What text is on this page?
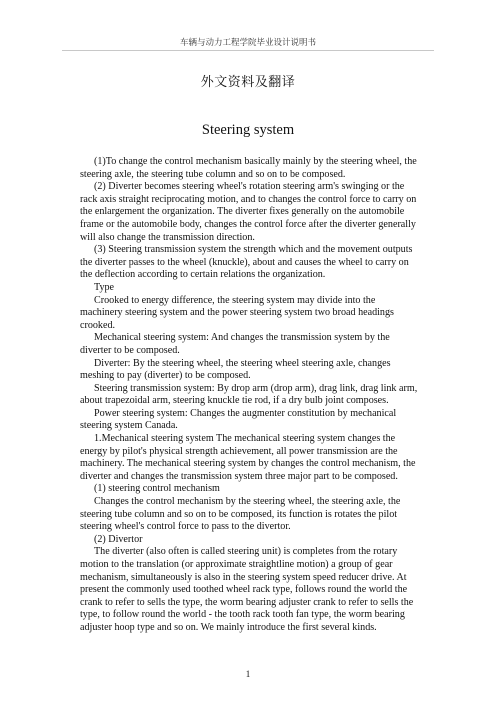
车辆与动力工程学院毕业设计说明书
外文资料及翻译
Steering system

(1)To change the control mechanism basically mainly by the steering wheel, the steering axle, the steering tube column and so on to be composed.

(2) Diverter becomes steering wheel's rotation steering arm's swinging or the rack axis straight reciprocating motion, and to changes the control force to carry on the enlargement the organization. The diverter fixes generally on the automobile frame or the automobile body, changes the control force after the diverter generally will also change the transmission direction.

(3) Steering transmission system the strength which and the movement outputs the diverter passes to the wheel (knuckle), about and causes the wheel to carry on the deflection according to certain relations the organization.

Type

Crooked to energy difference, the steering system may divide into the machinery steering system and the power steering system two broad headings crooked.

Mechanical steering system: And changes the transmission system by the diverter to be composed.

Diverter: By the steering wheel, the steering wheel steering axle, changes meshing to pay (diverter) to be composed.

Steering transmission system: By drop arm (drop arm), drag link, drag link arm, about trapezoidal arm, steering knuckle tie rod, if a dry bulb joint composes.

Power steering system: Changes the augmenter constitution by mechanical steering system Canada.

1.Mechanical steering system The mechanical steering system changes the energy by pilot's physical strength achievement, all power transmission are the machinery. The mechanical steering system by changes the control mechanism, the diverter and changes the transmission system three major part to be composed.

(1) steering control mechanism

Changes the control mechanism by the steering wheel, the steering axle, the steering tube column and so on to be composed, its function is rotates the pilot steering wheel's control force to pass to the divertor.

(2) Divertor

The diverter (also often is called steering unit) is completes from the rotary motion to the translation (or approximate straightline motion) a group of gear mechanism, simultaneously is also in the steering system speed reducer drive. At present the commonly used toothed wheel rack type, follows round the world the crank to refer to sells the type, the worm bearing adjuster crank to refer to sells the type, to follow round the world - the tooth rack tooth fan type, the worm bearing adjuster hoop type and so on. We mainly introduce the first several kinds.

1
